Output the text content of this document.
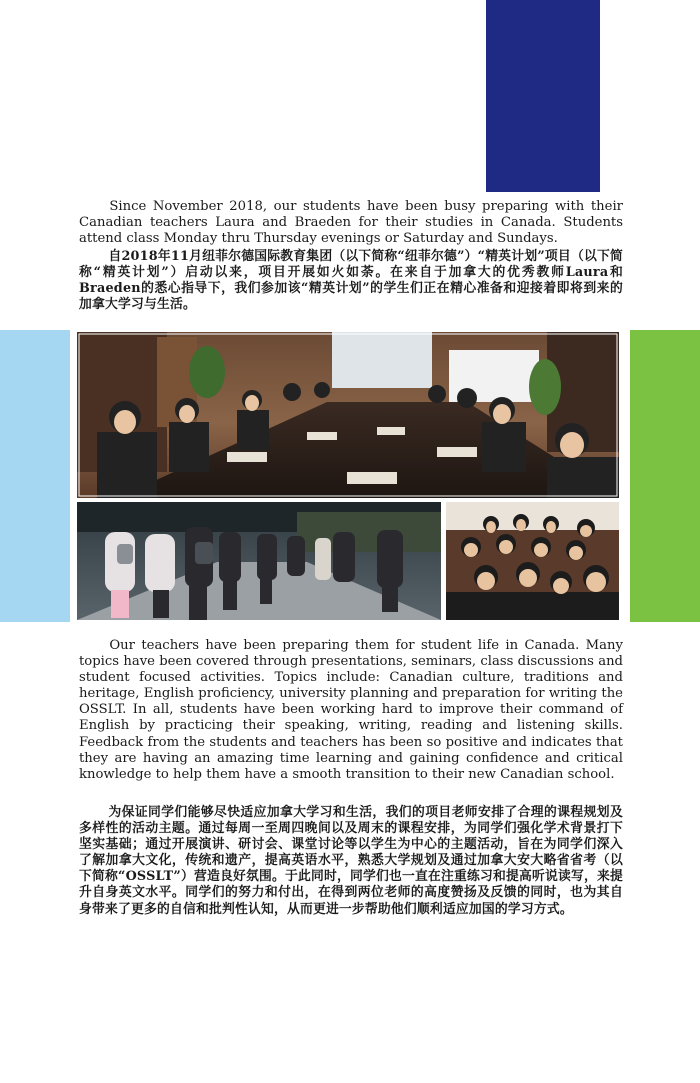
Since November 2018, our students have been busy preparing with their Canadian teachers Laura and Braeden for their studies in Canada. Students attend class Monday thru Thursday evenings or Saturday and Sundays.

自2018年11月纽菲尔德国际教育集团（以下简称“纽菲尔德”）“精英计划”项目（以下简称“精英计划”）启动以来，项目开展如火如荼。在来自于加拿大的优秀教师Laura和Braeden的悉心指导下，我们参加该“精英计划”的学生们正在精心准备和迎接着即将到来的加拿大学习与生活。

Our teachers have been preparing them for student life in Canada. Many topics have been covered through presentations, seminars, class discussions and student focused activities. Topics include: Canadian culture, traditions and heritage, English proficiency, university planning and preparation for writing the OSSLT. In all, students have been working hard to improve their command of English by practicing their speaking, writing, reading and listening skills. Feedback from the students and teachers has been so positive and indicates that they are having an amazing time learning and gaining confidence and critical knowledge to help them have a smooth transition to their new Canadian school.

为保证同学们能够尽快适应加拿大学习和生活，我们的项目老师安排了合理的课程规划及多样性的活动主题。通过每周一至周四晚间以及周末的课程安排，为同学们强化学术背景打下坚实基础；通过开展演讲、研讨会、课堂讨论等以学生为中心的主题活动，旨在为同学们深入了解加拿大文化，传统和遗产，提高英语水平，熟悉大学规划及通过加拿大安大略省省考（以下简称“OSSLT”）营造良好氛围。于此同时，同学们也一直在注重练习和提高听说读写，来提升自身英文水平。同学们的努力和付出，在得到两位老师的高度赞扬及反馈的同时，也为其自身带来了更多的自信和批判性认知，从而更进一步帮助他们顺利适应加国的学习方式。
